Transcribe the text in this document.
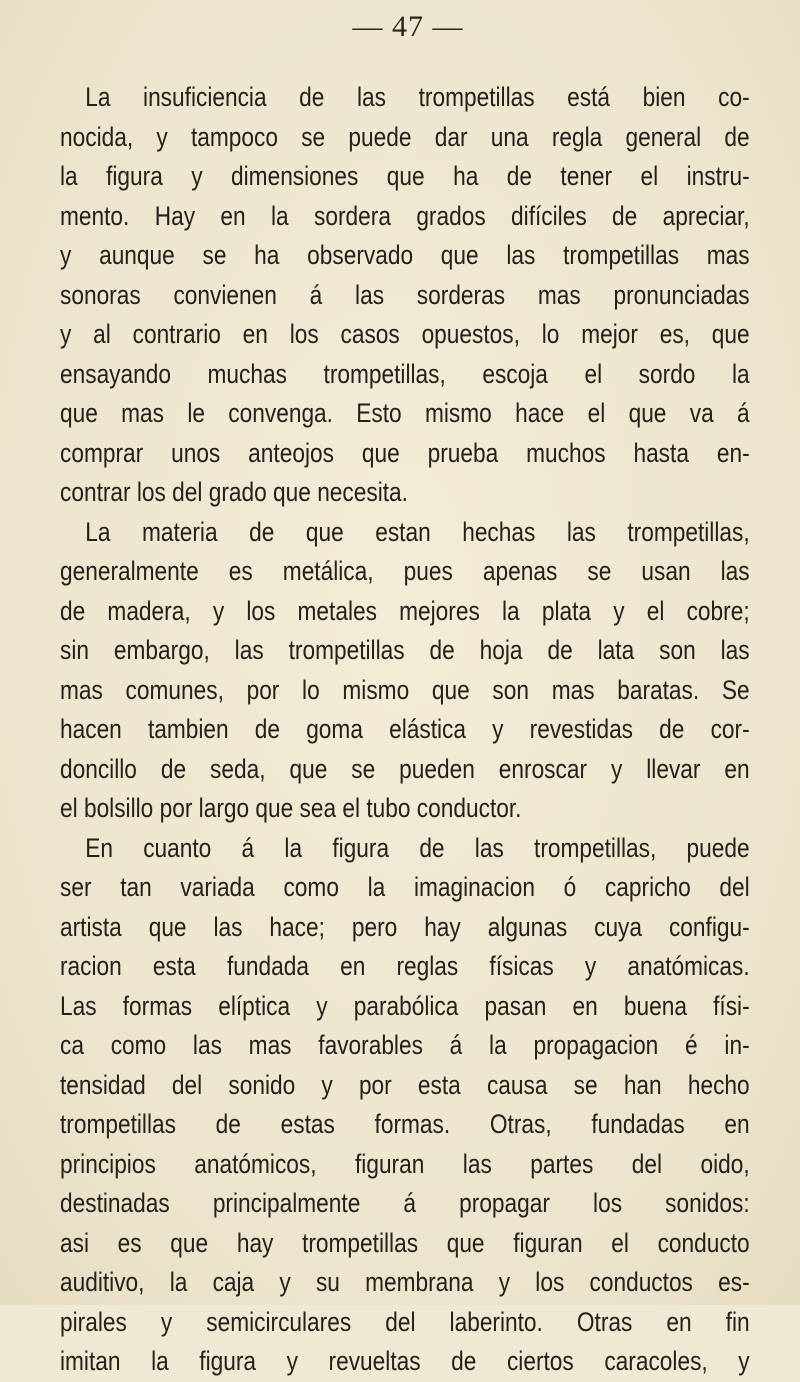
— 47 —
La insuficiencia de las trompetillas está bien co-
nocida, y tampoco se puede dar una regla general de
la figura y dimensiones que ha de tener el instru-
mento. Hay en la sordera grados difíciles de apreciar,
y aunque se ha observado que las trompetillas mas
sonoras convienen á las sorderas mas pronunciadas
y al contrario en los casos opuestos, lo mejor es, que
ensayando muchas trompetillas, escoja el sordo la
que mas le convenga. Esto mismo hace el que va á
comprar unos anteojos que prueba muchos hasta en-
contrar los del grado que necesita.
La materia de que estan hechas las trompetillas,
generalmente es metálica, pues apenas se usan las
de madera, y los metales mejores la plata y el cobre;
sin embargo, las trompetillas de hoja de lata son las
mas comunes, por lo mismo que son mas baratas. Se
hacen tambien de goma elástica y revestidas de cor-
doncillo de seda, que se pueden enroscar y llevar en
el bolsillo por largo que sea el tubo conductor.
En cuanto á la figura de las trompetillas, puede
ser tan variada como la imaginacion ó capricho del
artista que las hace; pero hay algunas cuya configu-
racion esta fundada en reglas físicas y anatómicas.
Las formas elíptica y parabólica pasan en buena físi-
ca como las mas favorables á la propagacion é in-
tensidad del sonido y por esta causa se han hecho
trompetillas de estas formas. Otras, fundadas en
principios anatómicos, figuran las partes del oido,
destinadas principalmente á propagar los sonidos:
asi es que hay trompetillas que figuran el conducto
auditivo, la caja y su membrana y los conductos es-
pirales y semicirculares del laberinto. Otras en fin
imitan la figura y revueltas de ciertos caracoles, y
